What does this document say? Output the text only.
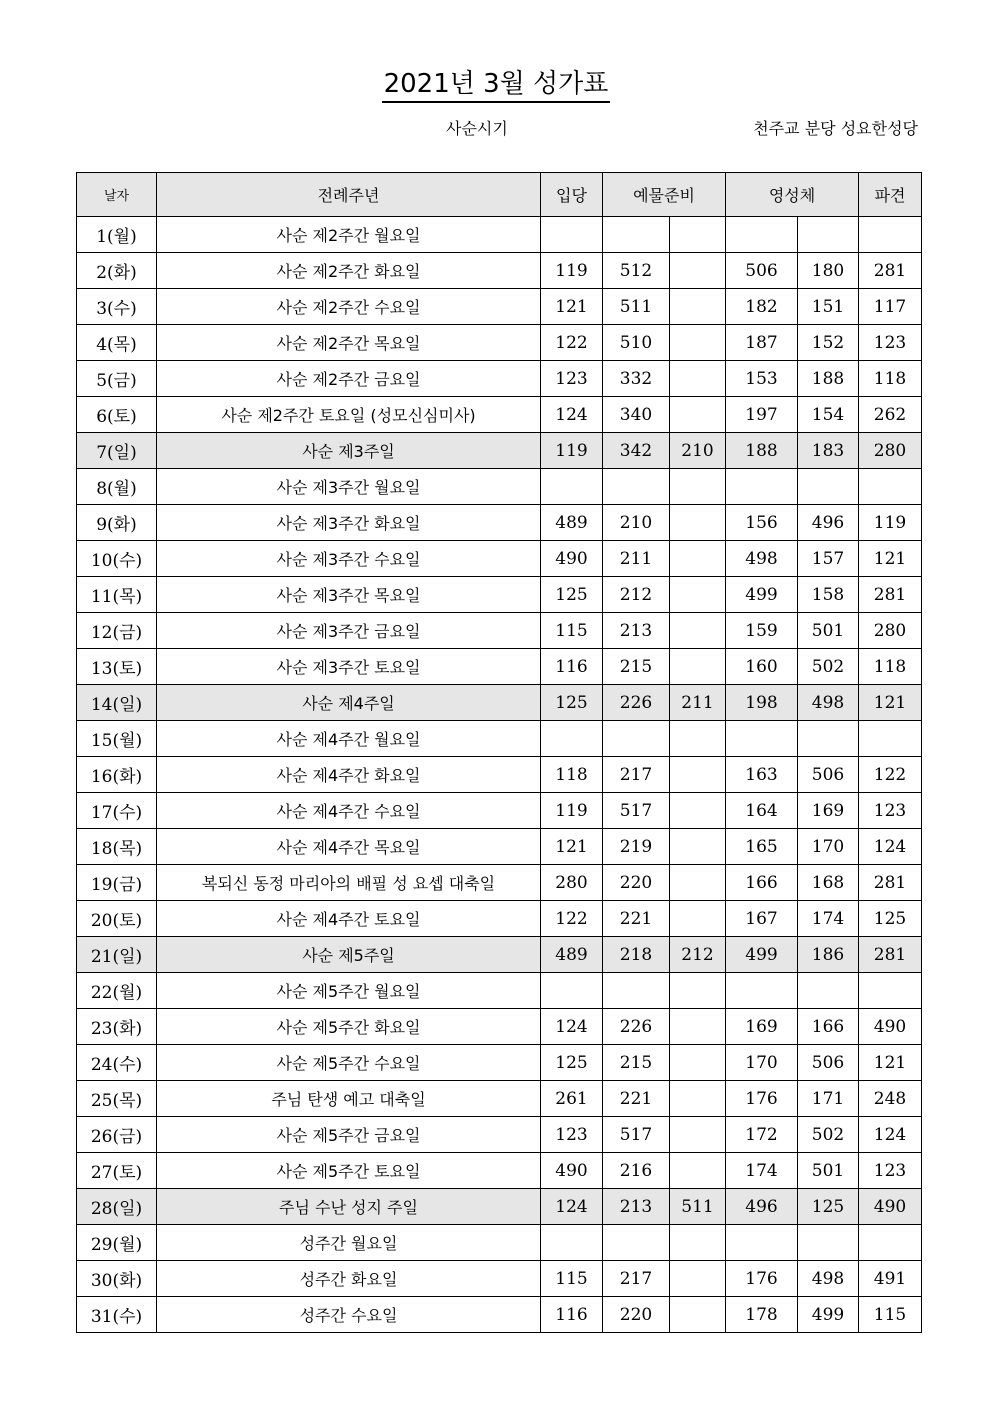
2021년 3월 성가표
사순시기	천주교 분당 성요한성당
날자	전례주년	입당	예물준비		영성체		파견
1(월)	사순 제2주간 월요일						
2(화)	사순 제2주간 화요일	119	512		506	180	281
3(수)	사순 제2주간 수요일	121	511		182	151	117
4(목)	사순 제2주간 목요일	122	510		187	152	123
5(금)	사순 제2주간 금요일	123	332		153	188	118
6(토)	사순 제2주간 토요일 (성모신심미사)	124	340		197	154	262
7(일)	사순 제3주일	119	342	210	188	183	280
8(월)	사순 제3주간 월요일						
9(화)	사순 제3주간 화요일	489	210		156	496	119
10(수)	사순 제3주간 수요일	490	211		498	157	121
11(목)	사순 제3주간 목요일	125	212		499	158	281
12(금)	사순 제3주간 금요일	115	213		159	501	280
13(토)	사순 제3주간 토요일	116	215		160	502	118
14(일)	사순 제4주일	125	226	211	198	498	121
15(월)	사순 제4주간 월요일						
16(화)	사순 제4주간 화요일	118	217		163	506	122
17(수)	사순 제4주간 수요일	119	517		164	169	123
18(목)	사순 제4주간 목요일	121	219		165	170	124
19(금)	복되신 동정 마리아의 배필 성 요셉 대축일	280	220		166	168	281
20(토)	사순 제4주간 토요일	122	221		167	174	125
21(일)	사순 제5주일	489	218	212	499	186	281
22(월)	사순 제5주간 월요일						
23(화)	사순 제5주간 화요일	124	226		169	166	490
24(수)	사순 제5주간 수요일	125	215		170	506	121
25(목)	주님 탄생 예고 대축일	261	221		176	171	248
26(금)	사순 제5주간 금요일	123	517		172	502	124
27(토)	사순 제5주간 토요일	490	216		174	501	123
28(일)	주님 수난 성지 주일	124	213	511	496	125	490
29(월)	성주간 월요일						
30(화)	성주간 화요일	115	217		176	498	491
31(수)	성주간 수요일	116	220		178	499	115
